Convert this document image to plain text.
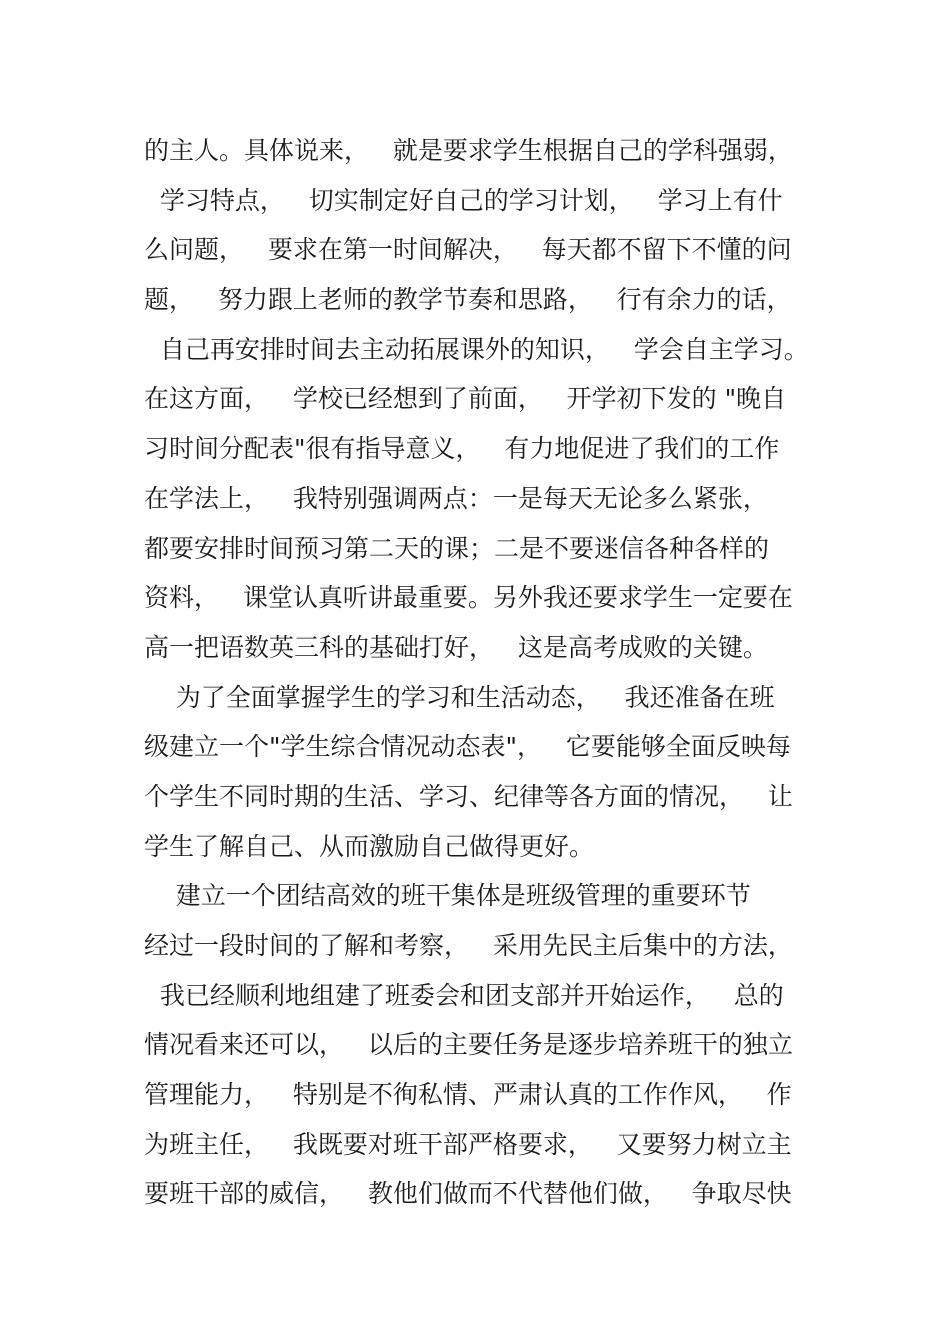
的主人。具体说来，   就是要求学生根据自己的学科强弱，
学习特点，   切实制定好自己的学习计划，   学习上有什
么问题，   要求在第一时间解决，   每天都不留下不懂的问
题，   努力跟上老师的教学节奏和思路，   行有余力的话，
自己再安排时间去主动拓展课外的知识，   学会自主学习。
在这方面，   学校已经想到了前面，   开学初下发的 "晚自
习时间分配表"很有指导意义，   有力地促进了我们的工作
在学法上，   我特别强调两点：一是每天无论多么紧张，
都要安排时间预习第二天的课；二是不要迷信各种各样的
资料，   课堂认真听讲最重要。另外我还要求学生一定要在
高一把语数英三科的基础打好，   这是高考成败的关键。
为了全面掌握学生的学习和生活动态，   我还准备在班
级建立一个"学生综合情况动态表"，   它要能够全面反映每
个学生不同时期的生活、学习、纪律等各方面的情况，   让
学生了解自己、从而激励自己做得更好。
建立一个团结高效的班干集体是班级管理的重要环节
经过一段时间的了解和考察，   采用先民主后集中的方法，
我已经顺利地组建了班委会和团支部并开始运作，   总的
情况看来还可以，   以后的主要任务是逐步培养班干的独立
管理能力，   特别是不徇私情、严肃认真的工作作风，   作
为班主任，   我既要对班干部严格要求，   又要努力树立主
要班干部的威信，   教他们做而不代替他们做，   争取尽快
